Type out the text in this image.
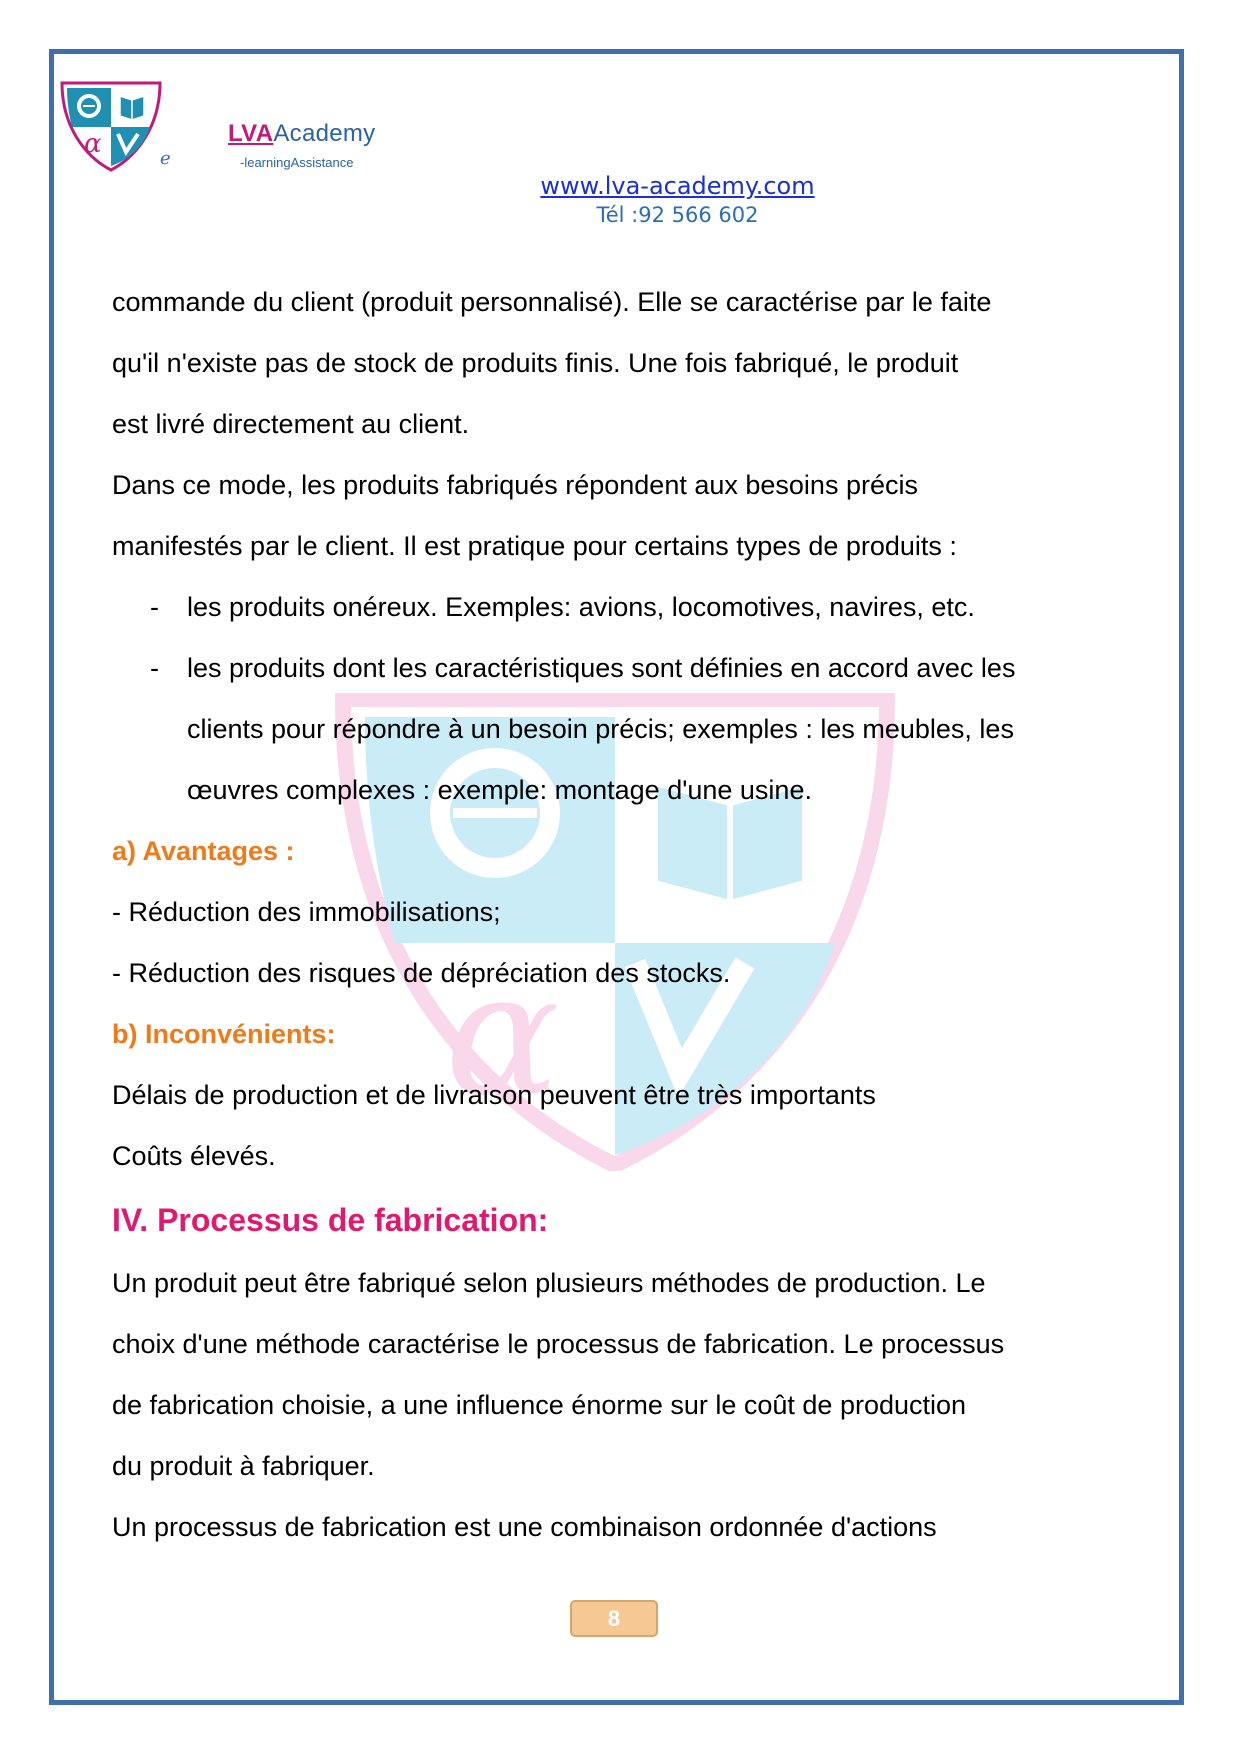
α	e
LVAAcademy
-learningAssistance
www.lva-academy.com
Tél :92 566 602
α
commande du client (produit personnalisé). Elle se caractérise par le faite
qu'il n'existe pas de stock de produits finis. Une fois fabriqué, le produit
est livré directement au client.
Dans ce mode, les produits fabriqués répondent aux besoins précis
manifestés par le client. Il est pratique pour certains types de produits :
- les produits onéreux. Exemples: avions, locomotives, navires, etc.
- les produits dont les caractéristiques sont définies en accord avec les
clients pour répondre à un besoin précis; exemples : les meubles, les
œuvres complexes : exemple: montage d'une usine.
a) Avantages :
- Réduction des immobilisations;
- Réduction des risques de dépréciation des stocks.
b) Inconvénients:
Délais de production et de livraison peuvent être très importants
Coûts élevés.
IV. Processus de fabrication:
Un produit peut être fabriqué selon plusieurs méthodes de production. Le
choix d'une méthode caractérise le processus de fabrication. Le processus
de fabrication choisie, a une influence énorme sur le coût de production
du produit à fabriquer.
Un processus de fabrication est une combinaison ordonnée d'actions
8
